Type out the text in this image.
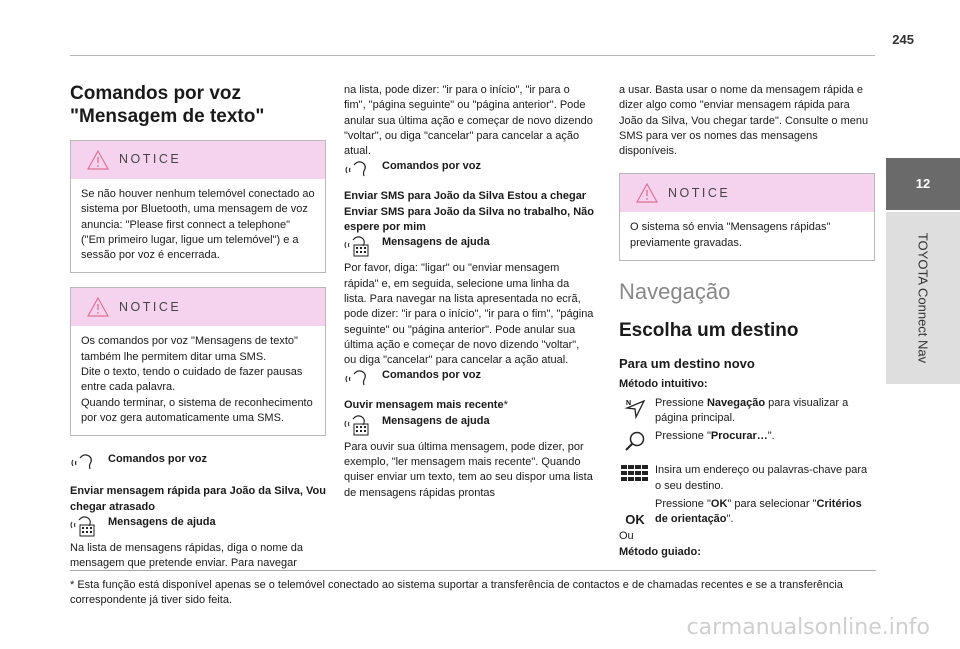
245
12
TOYOTA Connect Nav
Comandos por voz
"Mensagem de texto"
NOTICE
Se não houver nenhum telemóvel conectado ao sistema por Bluetooth, uma mensagem de voz anuncia: "Please first connect a telephone" ("Em primeiro lugar, ligue um telemóvel") e a sessão por voz é encerrada.
NOTICE

Os comandos por voz "Mensagens de texto" também lhe permitem ditar uma SMS.

Dite o texto, tendo o cuidado de fazer pausas entre cada palavra.

Quando terminar, o sistema de reconhecimento por voz gera automaticamente uma SMS.

Comandos por voz

Enviar mensagem rápida para João da Silva, Vou chegar atrasado

Mensagens de ajuda

Na lista de mensagens rápidas, diga o nome da mensagem que pretende enviar. Para navegar

na lista, pode dizer: "ir para o início", "ir para o fim", "página seguinte" ou "página anterior". Pode anular sua última ação e começar de novo dizendo "voltar", ou diga "cancelar" para cancelar a ação atual.

Comandos por voz

Enviar SMS para João da Silva Estou a chegar

Enviar SMS para João da Silva no trabalho, Não espere por mim

Mensagens de ajuda

Por favor, diga: "ligar" ou "enviar mensagem rápida" e, em seguida, selecione uma linha da lista. Para navegar na lista apresentada no ecrã, pode dizer: "ir para o início", "ir para o fim", "página seguinte" ou "página anterior". Pode anular sua última ação e começar de novo dizendo "voltar", ou diga "cancelar" para cancelar a ação atual.

Comandos por voz

Ouvir mensagem mais recente*

Mensagens de ajuda

Para ouvir sua última mensagem, pode dizer, por exemplo, "ler mensagem mais recente". Quando quiser enviar um texto, tem ao seu dispor uma lista de mensagens rápidas prontas

a usar. Basta usar o nome da mensagem rápida e dizer algo como "enviar mensagem rápida para João da Silva, Vou chegar tarde". Consulte o menu SMS para ver os nomes das mensagens disponíveis.

NOTICE
O sistema só envia "Mensagens rápidas" previamente gravadas.
Navegação
Escolha um destino
Para um destino novo

Método intuitivo:

N Pressione Navegação para visualizar a página principal.

Pressione "Procurar…".

Insira um endereço ou palavras-chave para o seu destino.

OK

Pressione "OK" para selecionar "Critérios de orientação".

Ou

Método guiado:

* Esta função está disponível apenas se o telemóvel conectado ao sistema suportar a transferência de contactos e de chamadas recentes e se a transferência correspondente já tiver sido feita.
carmanualsonline.info
